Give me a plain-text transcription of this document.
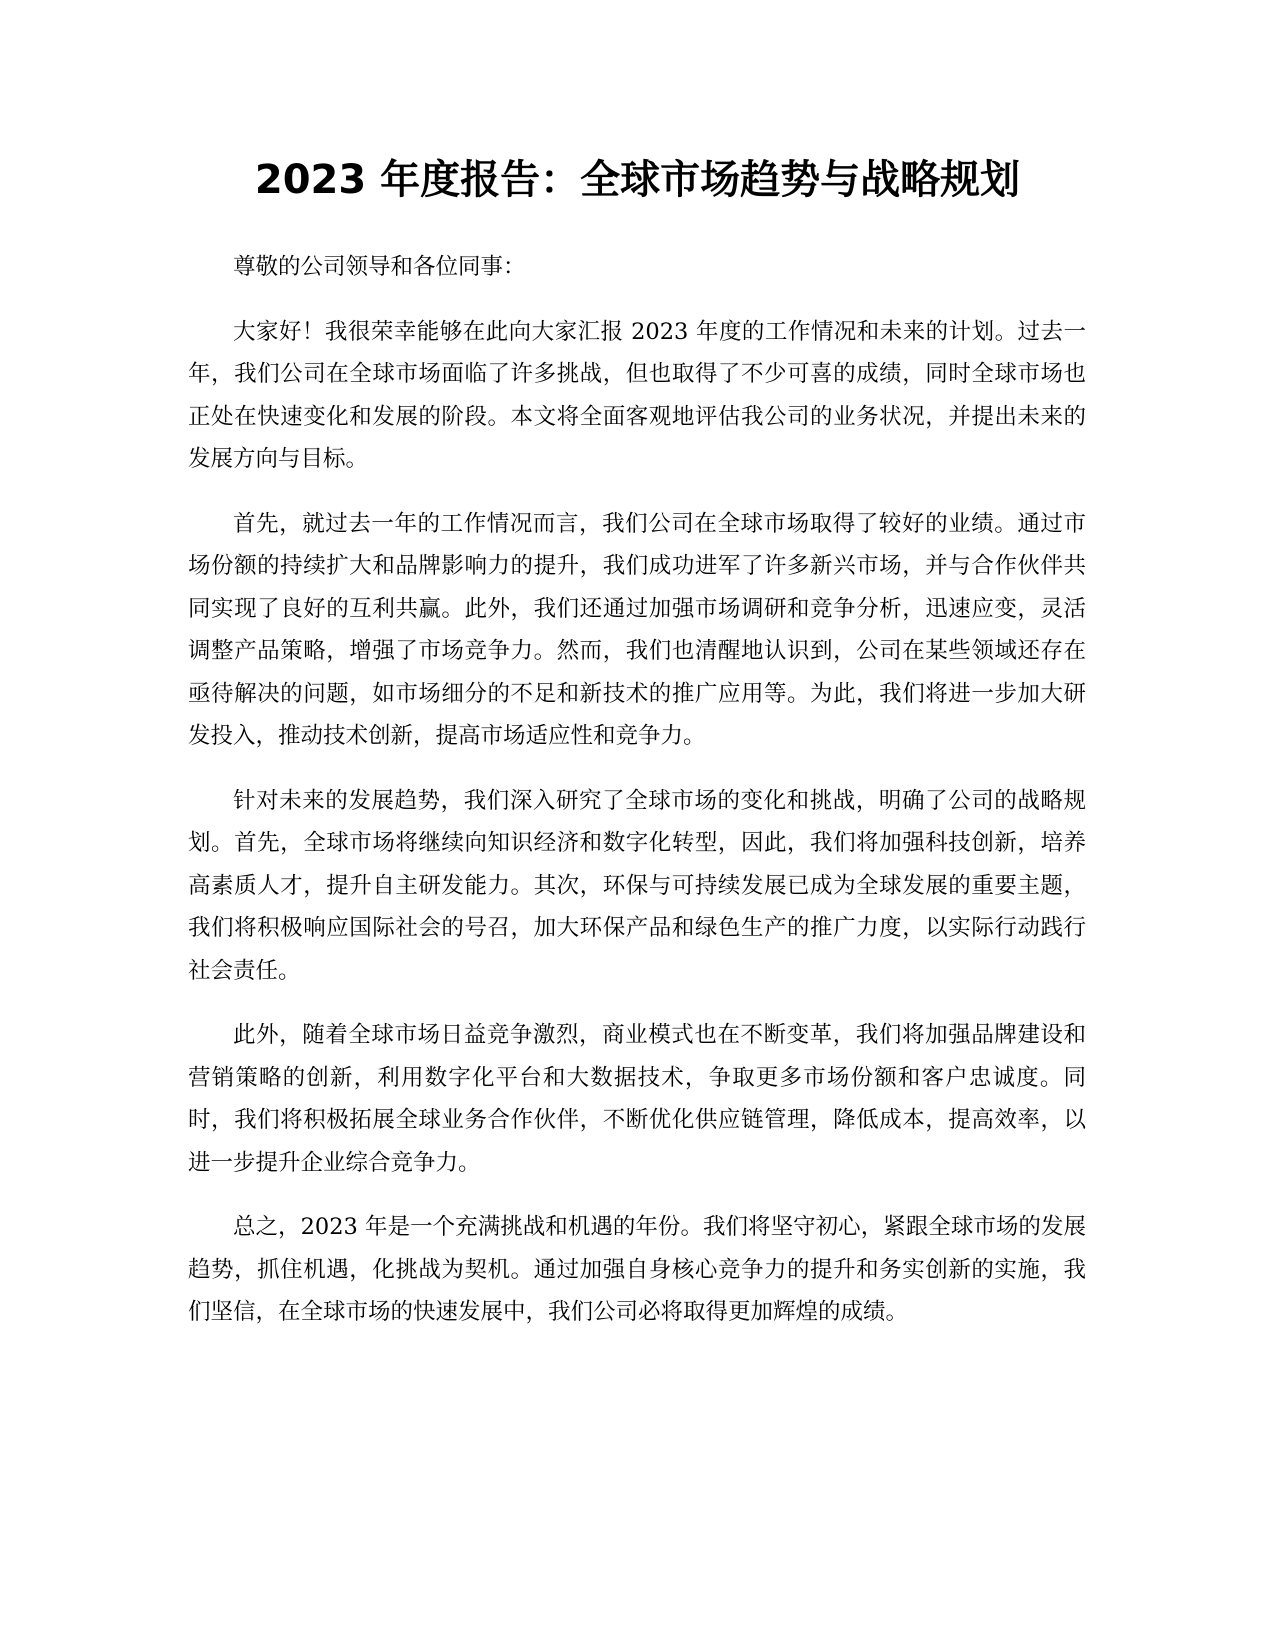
2023 年度报告：全球市场趋势与战略规划

尊敬的公司领导和各位同事：

大家好！我很荣幸能够在此向大家汇报 2023 年度的工作情况和未来的计划。过去一年，我们公司在全球市场面临了许多挑战，但也取得了不少可喜的成绩，同时全球市场也正处在快速变化和发展的阶段。本文将全面客观地评估我公司的业务状况，并提出未来的发展方向与目标。

首先，就过去一年的工作情况而言，我们公司在全球市场取得了较好的业绩。通过市场份额的持续扩大和品牌影响力的提升，我们成功进军了许多新兴市场，并与合作伙伴共同实现了良好的互利共赢。此外，我们还通过加强市场调研和竞争分析，迅速应变，灵活调整产品策略，增强了市场竞争力。然而，我们也清醒地认识到，公司在某些领域还存在亟待解决的问题，如市场细分的不足和新技术的推广应用等。为此，我们将进一步加大研发投入，推动技术创新，提高市场适应性和竞争力。

针对未来的发展趋势，我们深入研究了全球市场的变化和挑战，明确了公司的战略规划。首先，全球市场将继续向知识经济和数字化转型，因此，我们将加强科技创新，培养高素质人才，提升自主研发能力。其次，环保与可持续发展已成为全球发展的重要主题，我们将积极响应国际社会的号召，加大环保产品和绿色生产的推广力度，以实际行动践行社会责任。

此外，随着全球市场日益竞争激烈，商业模式也在不断变革，我们将加强品牌建设和营销策略的创新，利用数字化平台和大数据技术，争取更多市场份额和客户忠诚度。同时，我们将积极拓展全球业务合作伙伴，不断优化供应链管理，降低成本，提高效率，以进一步提升企业综合竞争力。

总之，2023 年是一个充满挑战和机遇的年份。我们将坚守初心，紧跟全球市场的发展趋势，抓住机遇，化挑战为契机。通过加强自身核心竞争力的提升和务实创新的实施，我们坚信，在全球市场的快速发展中，我们公司必将取得更加辉煌的成绩。
